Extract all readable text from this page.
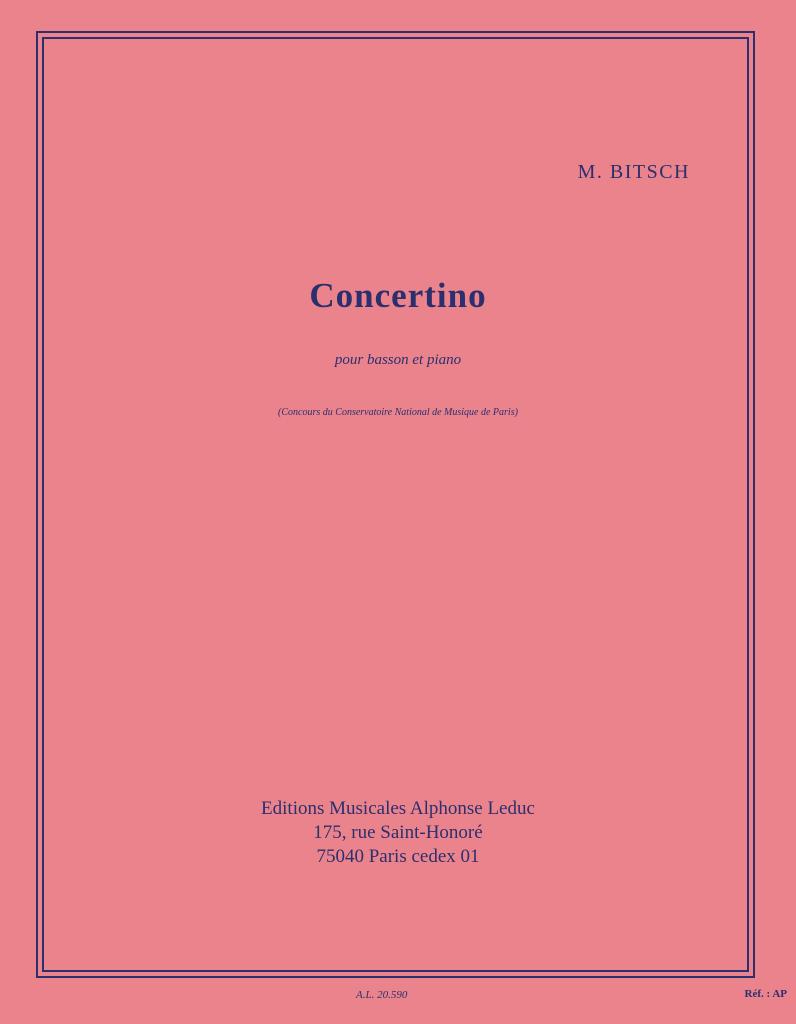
M. BITSCH
Concertino
pour basson et piano
(Concours du Conservatoire National de Musique de Paris)
Editions Musicales Alphonse Leduc
175, rue Saint-Honoré
75040 Paris cedex 01
A.L. 20.590	Réf. : AP
